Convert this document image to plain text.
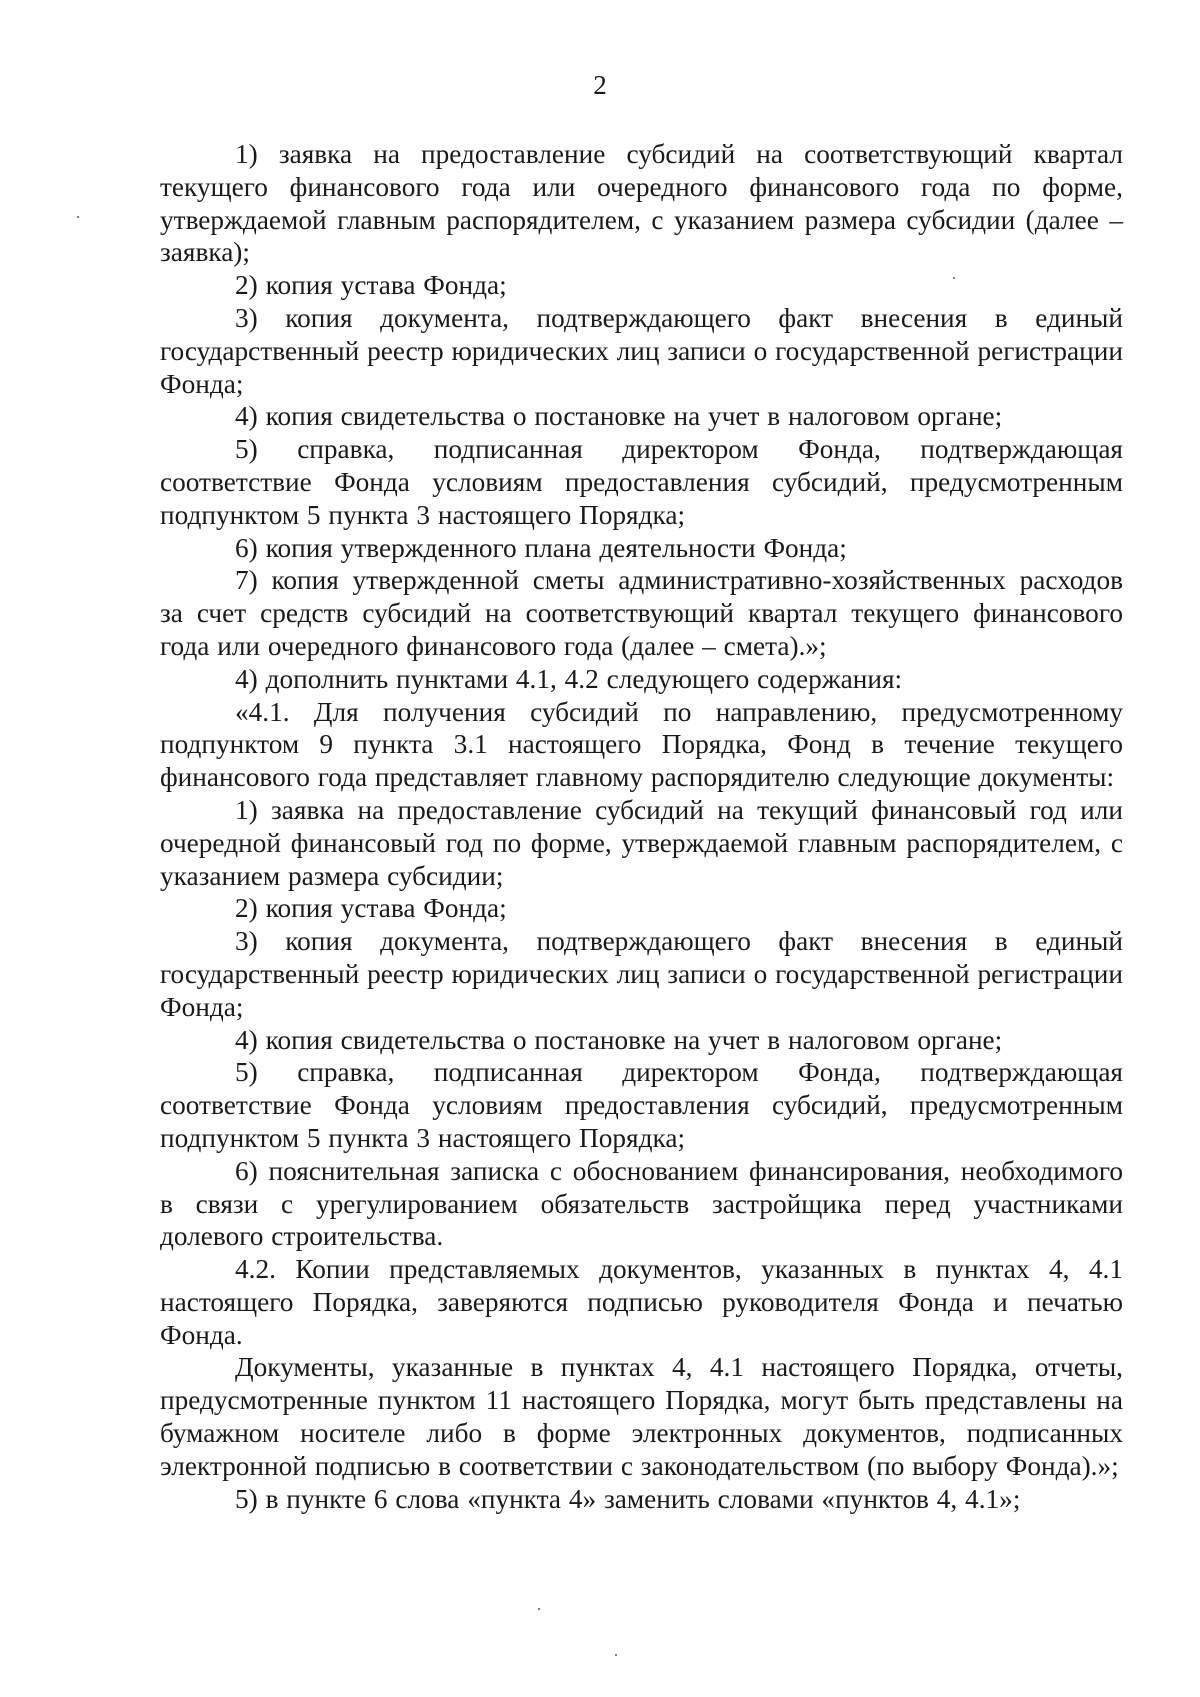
2

1) заявка на предоставление субсидий на соответствующий квартал текущего финансового года или очередного финансового года по форме, утверждаемой главным распорядителем, с указанием размера субсидии (далее – заявка);

2) копия устава Фонда;

3) копия документа, подтверждающего факт внесения в единый государственный реестр юридических лиц записи о государственной регистрации Фонда;

4) копия свидетельства о постановке на учет в налоговом органе;

5) справка, подписанная директором Фонда, подтверждающая соответствие Фонда условиям предоставления субсидий, предусмотренным подпунктом 5 пункта 3 настоящего Порядка;

6) копия утвержденного плана деятельности Фонда;

7) копия утвержденной сметы административно-хозяйственных расходов за счет средств субсидий на соответствующий квартал текущего финансового года или очередного финансового года (далее – смета).»;

4) дополнить пунктами 4.1, 4.2 следующего содержания:

«4.1. Для получения субсидий по направлению, предусмотренному подпунктом 9 пункта 3.1 настоящего Порядка, Фонд в течение текущего финансового года представляет главному распорядителю следующие документы:

1) заявка на предоставление субсидий на текущий финансовый год или очередной финансовый год по форме, утверждаемой главным распорядителем, с указанием размера субсидии;

2) копия устава Фонда;

3) копия документа, подтверждающего факт внесения в единый государственный реестр юридических лиц записи о государственной регистрации Фонда;

4) копия свидетельства о постановке на учет в налоговом органе;

5) справка, подписанная директором Фонда, подтверждающая соответствие Фонда условиям предоставления субсидий, предусмотренным подпунктом 5 пункта 3 настоящего Порядка;

6) пояснительная записка с обоснованием финансирования, необходимого в связи с урегулированием обязательств застройщика перед участниками долевого строительства.

4.2. Копии представляемых документов, указанных в пунктах 4, 4.1 настоящего Порядка, заверяются подписью руководителя Фонда и печатью Фонда.

Документы, указанные в пунктах 4, 4.1 настоящего Порядка, отчеты, предусмотренные пунктом 11 настоящего Порядка, могут быть представлены на бумажном носителе либо в форме электронных документов, подписанных электронной подписью в соответствии с законодательством (по выбору Фонда).»;

5) в пункте 6 слова «пункта 4» заменить словами «пунктов 4, 4.1»;
